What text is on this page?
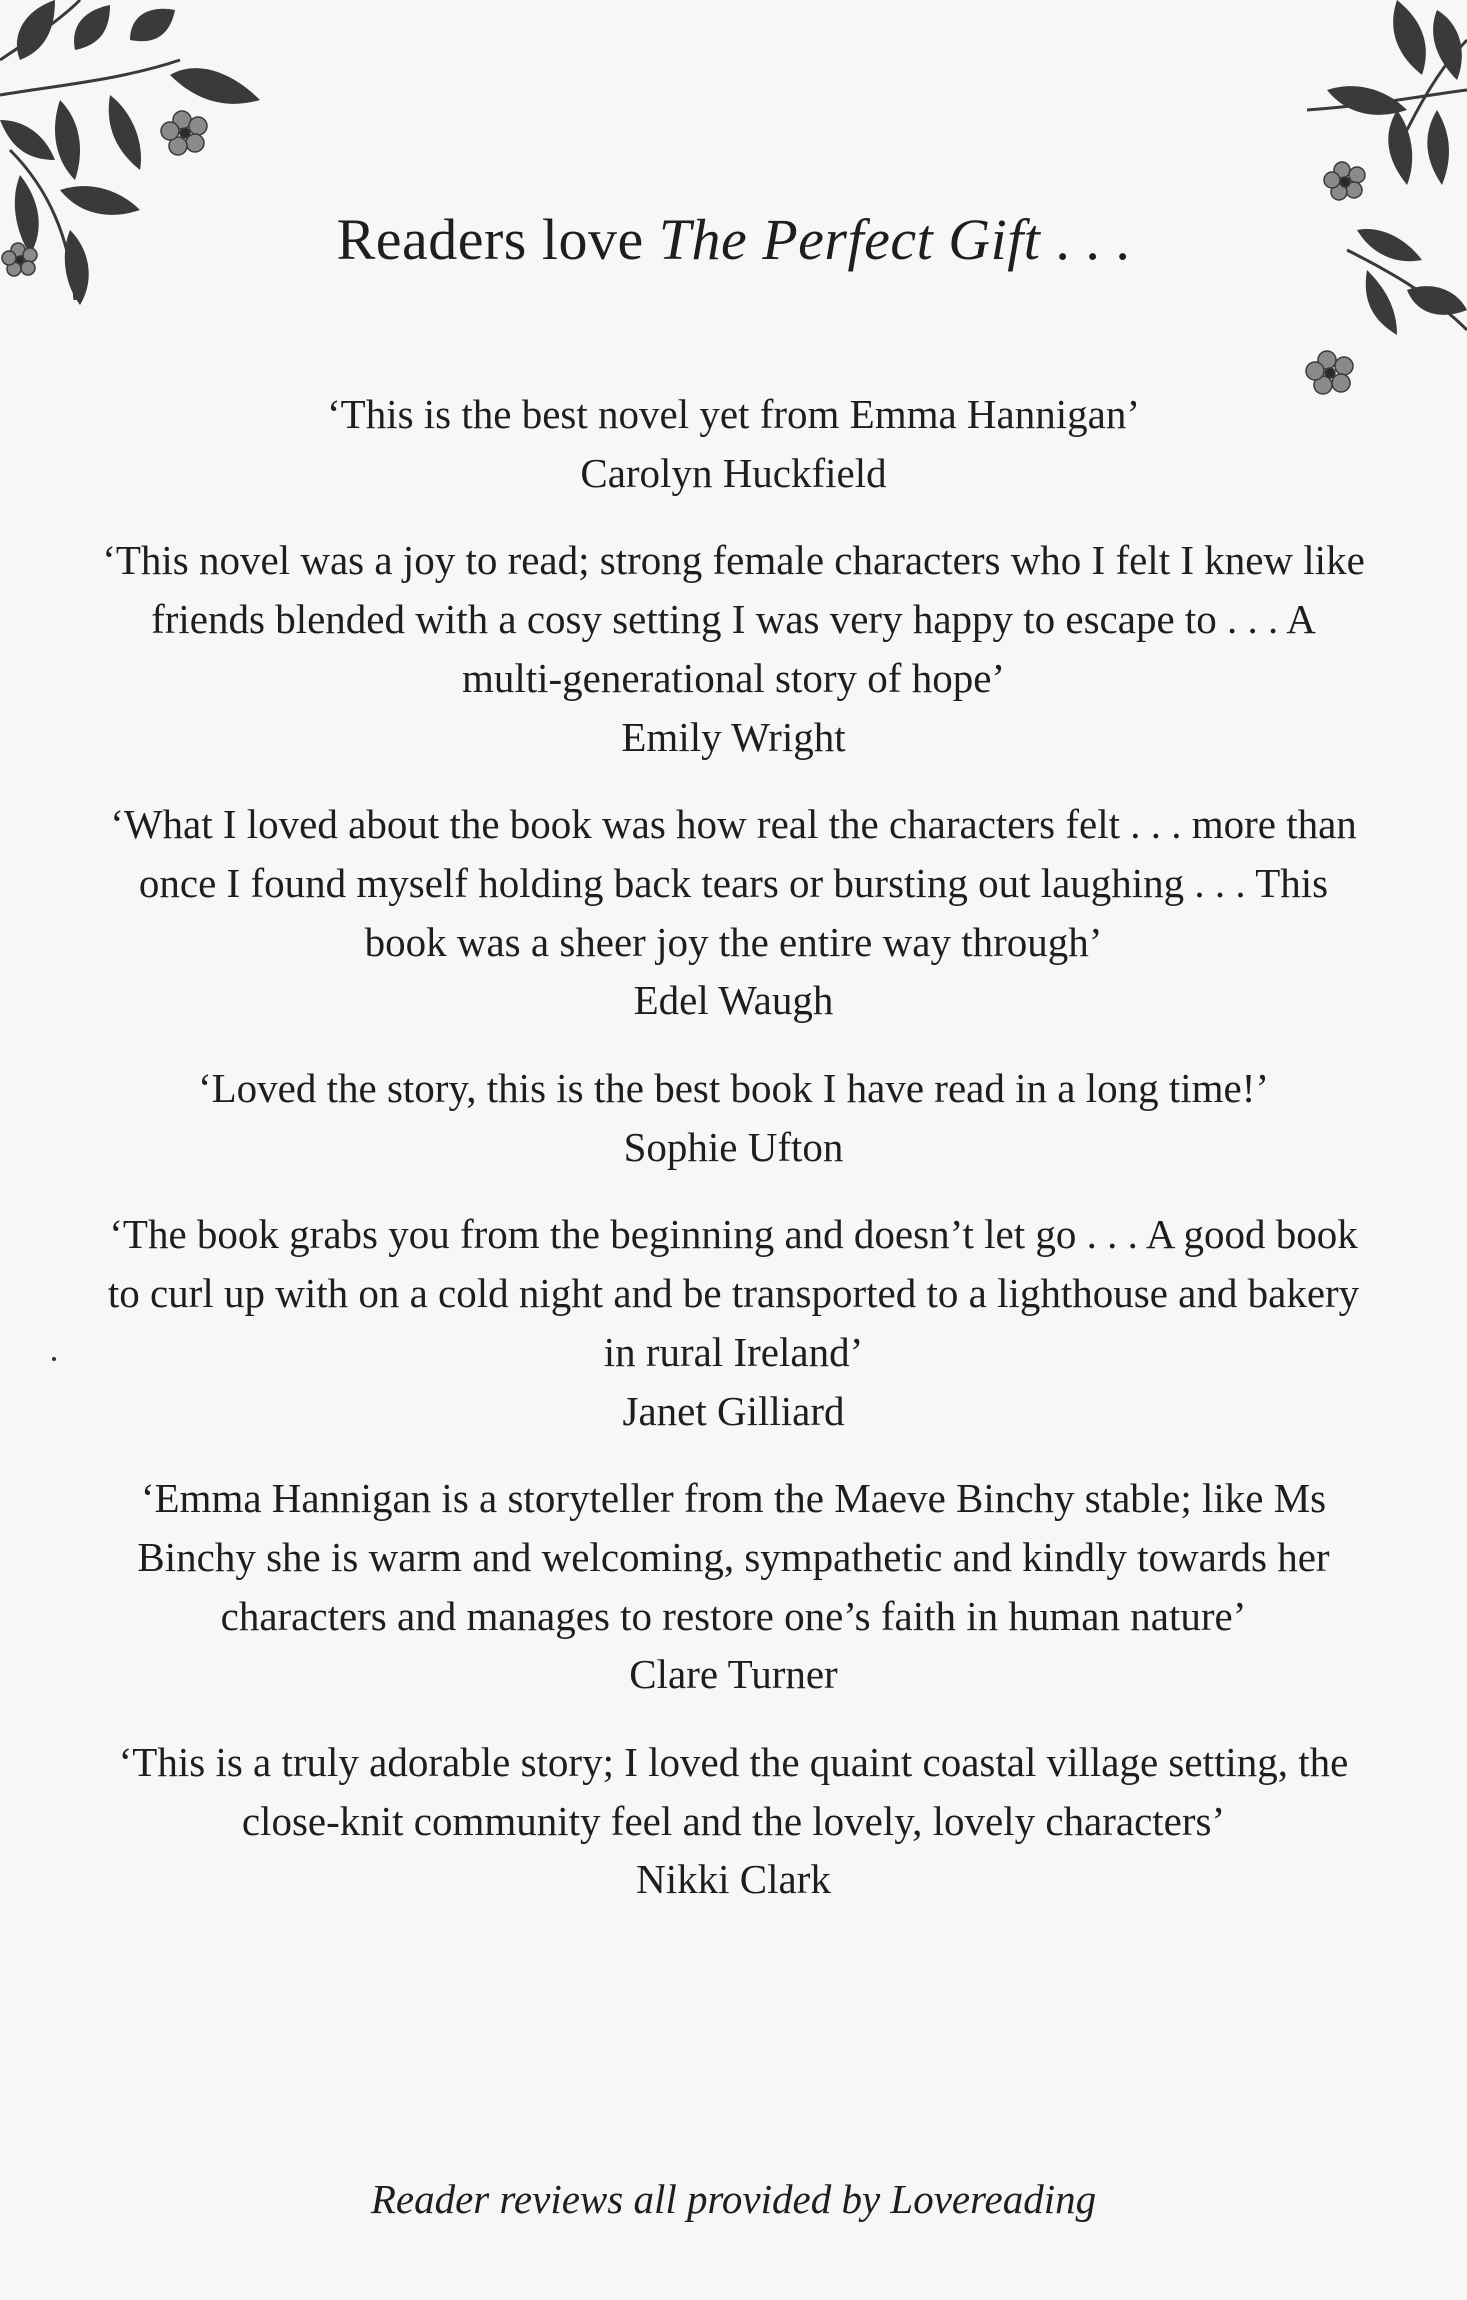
Readers love The Perfect Gift . . .

‘This is the best novel yet from Emma Hannigan’

Carolyn Huckfield

‘This novel was a joy to read; strong female characters who I felt I knew like friends blended with a cosy setting I was very happy to escape to . . . A multi-generational story of hope’

Emily Wright

‘What I loved about the book was how real the characters felt . . . more than once I found myself holding back tears or bursting out laughing . . . This book was a sheer joy the entire way through’

Edel Waugh

‘Loved the story, this is the best book I have read in a long time!’

Sophie Ufton

‘The book grabs you from the beginning and doesn’t let go . . . A good book to curl up with on a cold night and be transported to a lighthouse and bakery in rural Ireland’

Janet Gilliard

‘Emma Hannigan is a storyteller from the Maeve Binchy stable; like Ms Binchy she is warm and welcoming, sympathetic and kindly towards her characters and manages to restore one’s faith in human nature’

Clare Turner

‘This is a truly adorable story; I loved the quaint coastal village setting, the close-knit community feel and the lovely, lovely characters’

Nikki Clark

Reader reviews all provided by Lovereading
